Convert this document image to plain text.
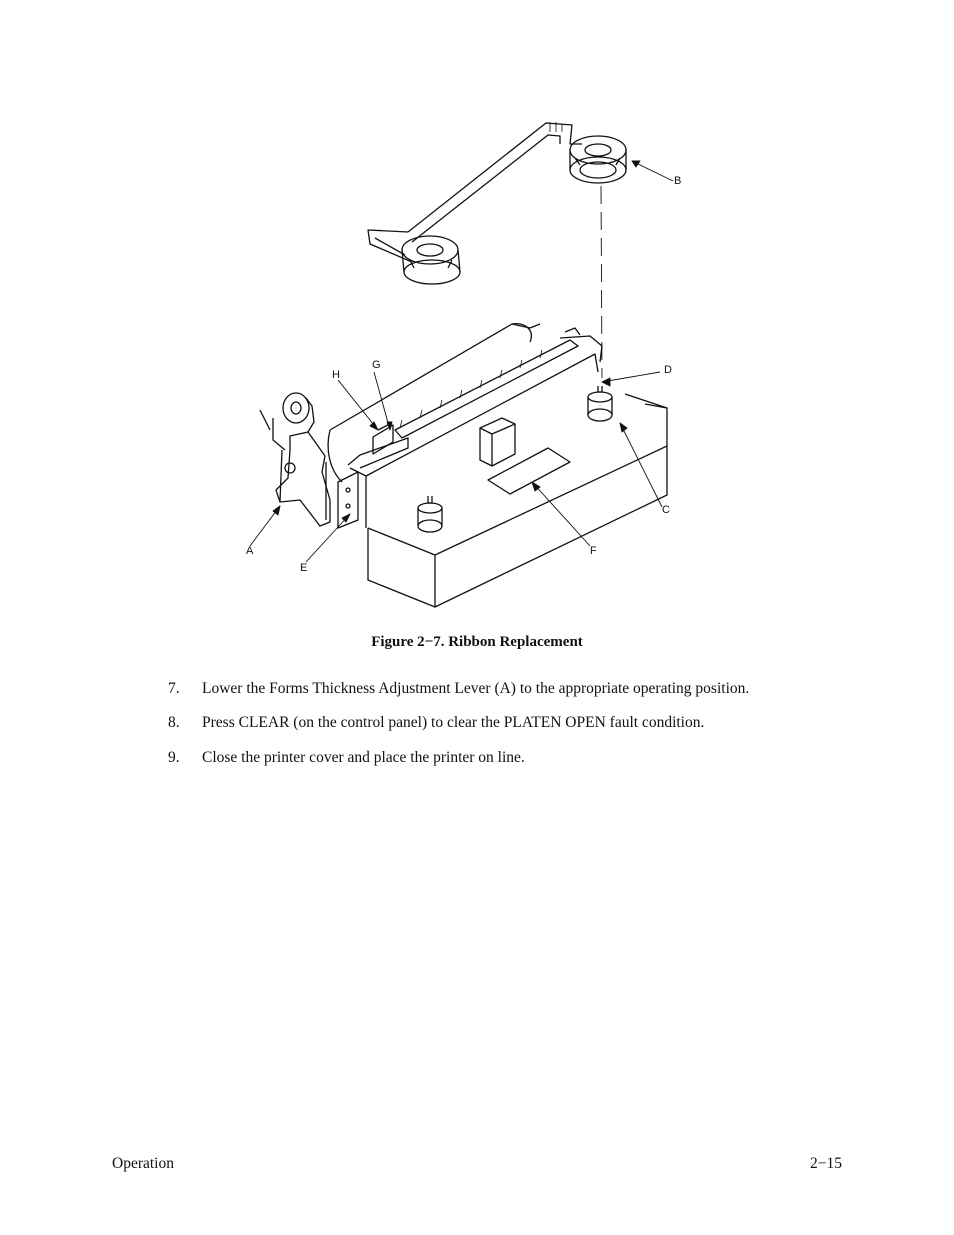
B
D
C
F
A
E
G
H
Figure 2−7. Ribbon Replacement
7. Lower the Forms Thickness Adjustment Lever (A) to the appropriate operating position.
8. Press CLEAR (on the control panel) to clear the PLATEN OPEN fault condition.
9. Close the printer cover and place the printer on line.
Operation	2−15
